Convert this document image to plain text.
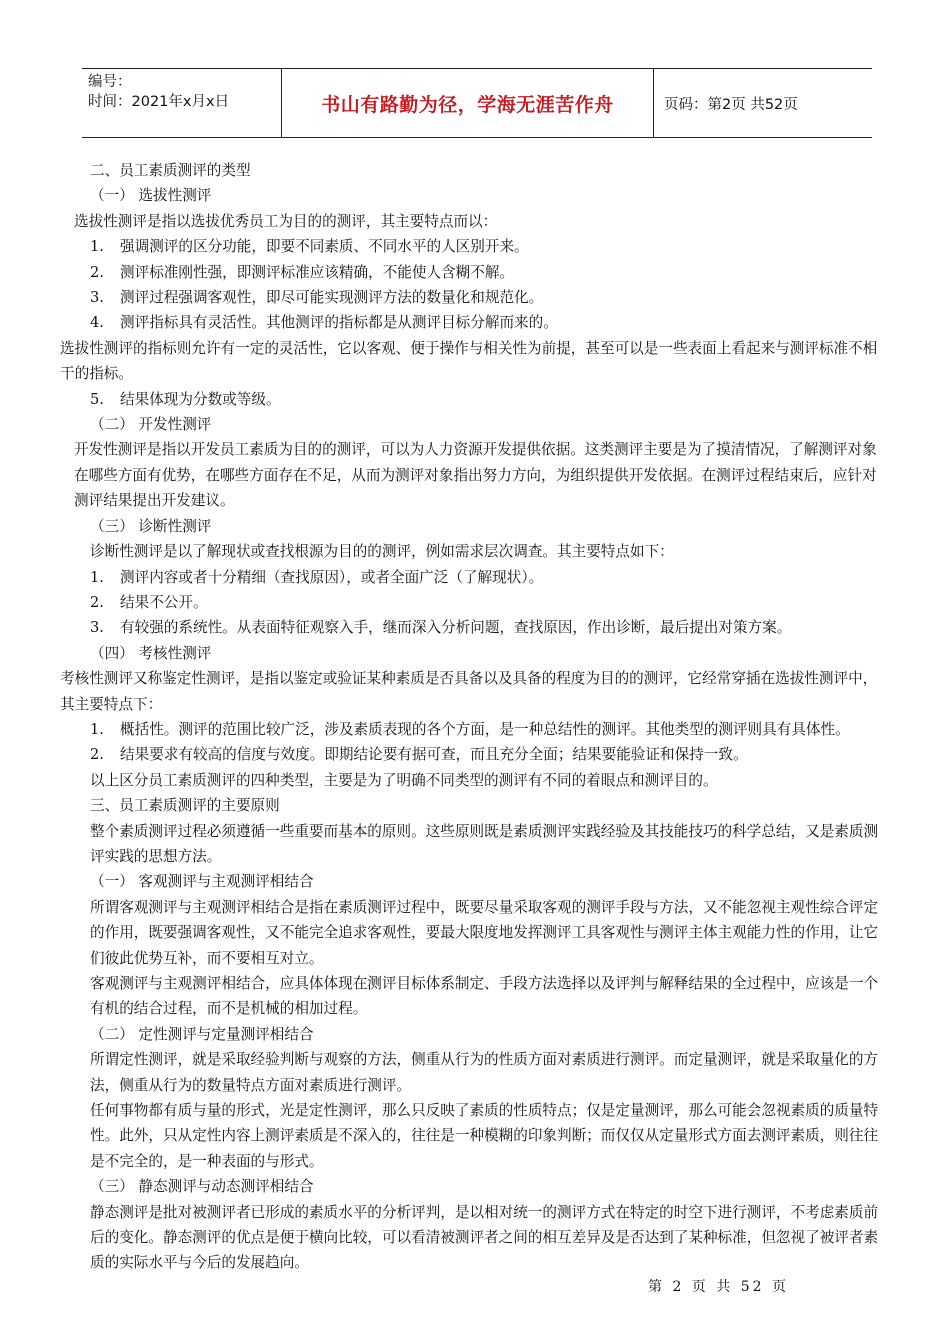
编号：
时间：2021年x月x日	书山有路勤为径，学海无涯苦作舟	页码：第2页 共52页

二、员工素质测评的类型

（一） 选拔性测评

选拔性测评是指以选拔优秀员工为目的的测评，其主要特点而以：

1.	强调测评的区分功能，即要不同素质、不同水平的人区别开来。
2.	测评标准刚性强，即测评标准应该精确，不能使人含糊不解。
3.	测评过程强调客观性，即尽可能实现测评方法的数量化和规范化。
4.	测评指标具有灵活性。其他测评的指标都是从测评目标分解而来的。

选拔性测评的指标则允许有一定的灵活性，它以客观、便于操作与相关性为前提，甚至可以是一些表面上看起来与测评标准不相干的指标。

5.	结果体现为分数或等级。

（二） 开发性测评

开发性测评是指以开发员工素质为目的的测评，可以为人力资源开发提供依据。这类测评主要是为了摸清情况，了解测评对象在哪些方面有优势，在哪些方面存在不足，从而为测评对象指出努力方向，为组织提供开发依据。在测评过程结束后，应针对测评结果提出开发建议。

（三） 诊断性测评

诊断性测评是以了解现状或查找根源为目的的测评，例如需求层次调查。其主要特点如下：

1.	测评内容或者十分精细（查找原因），或者全面广泛（了解现状）。
2.	结果不公开。
3.	有较强的系统性。从表面特征观察入手，继而深入分析问题，查找原因，作出诊断，最后提出对策方案。

（四） 考核性测评

考核性测评又称鉴定性测评，是指以鉴定或验证某种素质是否具备以及具备的程度为目的的测评，它经常穿插在选拔性测评中，其主要特点下：

1.	概括性。测评的范围比较广泛，涉及素质表现的各个方面，是一种总结性的测评。其他类型的测评则具有具体性。
2.	结果要求有较高的信度与效度。即期结论要有据可查，而且充分全面；结果要能验证和保持一致。

以上区分员工素质测评的四种类型，主要是为了明确不同类型的测评有不同的着眼点和测评目的。

三、员工素质测评的主要原则

整个素质测评过程必须遵循一些重要而基本的原则。这些原则既是素质测评实践经验及其技能技巧的科学总结，又是素质测评实践的思想方法。

（一） 客观测评与主观测评相结合

所谓客观测评与主观测评相结合是指在素质测评过程中，既要尽量采取客观的测评手段与方法，又不能忽视主观性综合评定的作用，既要强调客观性，又不能完全追求客观性，要最大限度地发挥测评工具客观性与测评主体主观能力性的作用，让它们彼此优势互补，而不要相互对立。

客观测评与主观测评相结合，应具体体现在测评目标体系制定、手段方法选择以及评判与解释结果的全过程中，应该是一个有机的结合过程，而不是机械的相加过程。

（二） 定性测评与定量测评相结合

所谓定性测评，就是采取经验判断与观察的方法，侧重从行为的性质方面对素质进行测评。而定量测评，就是采取量化的方法，侧重从行为的数量特点方面对素质进行测评。

任何事物都有质与量的形式，光是定性测评，那么只反映了素质的性质特点；仅是定量测评，那么可能会忽视素质的质量特性。此外，只从定性内容上测评素质是不深入的，往往是一种模糊的印象判断；而仅仅从定量形式方面去测评素质，则往往是不完全的，是一种表面的与形式。

（三） 静态测评与动态测评相结合

静态测评是批对被测评者已形成的素质水平的分析评判，是以相对统一的测评方式在特定的时空下进行测评，不考虑素质前后的变化。静态测评的优点是便于横向比较，可以看清被测评者之间的相互差异及是否达到了某种标准，但忽视了被评者素质的实际水平与今后的发展趋向。

第 2 页 共 52 页
